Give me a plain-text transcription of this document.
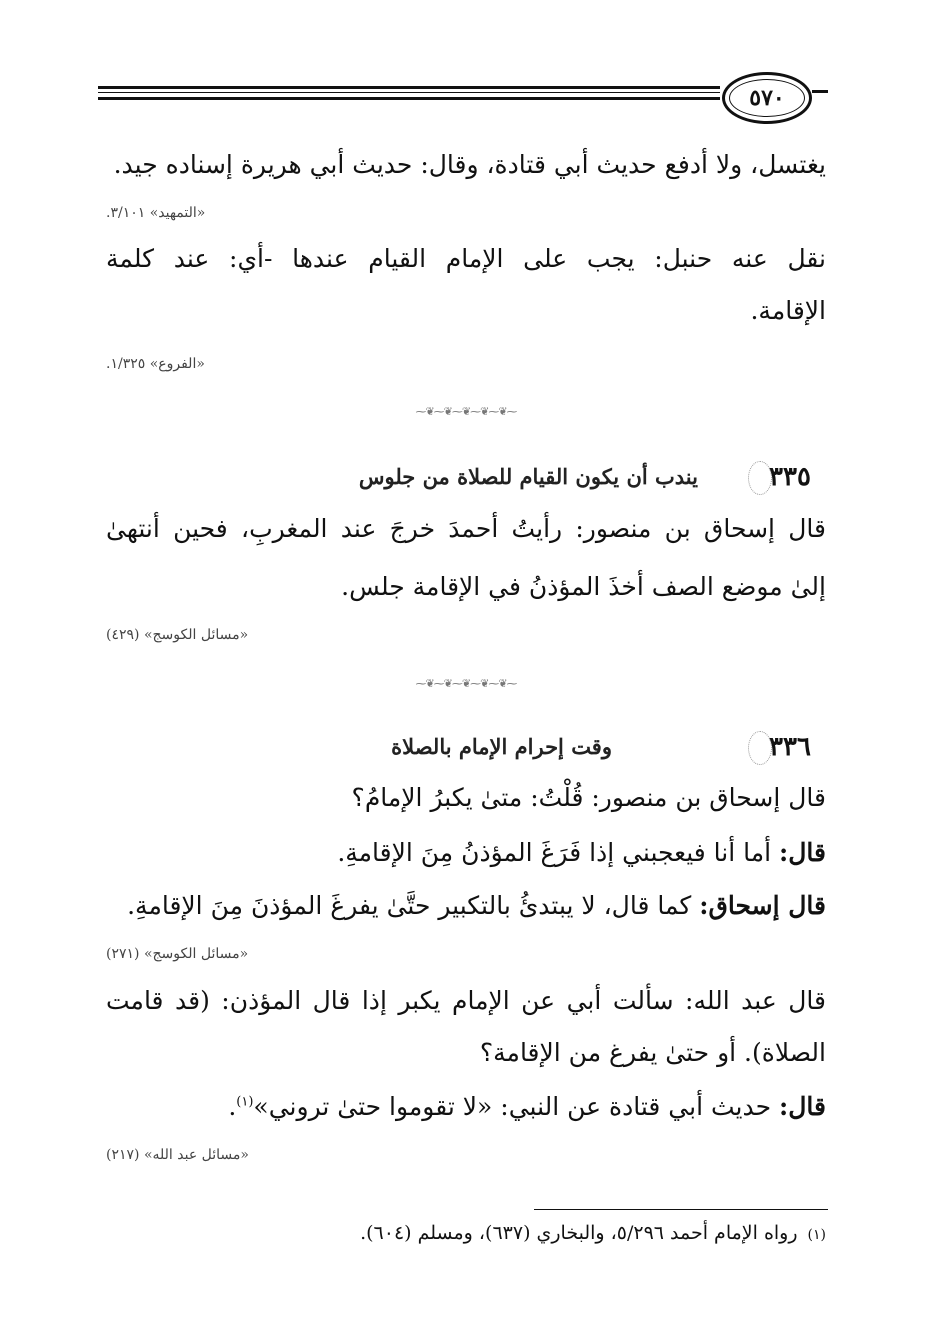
٥٧٠
يغتسل، ولا أدفع حديث أبي قتادة، وقال: حديث أبي هريرة إسناده جيد.
«التمهيد» ٣/١٠١.
نقل عنه حنبل: يجب على الإمام القيام عندها -أي: عند كلمة
الإقامة.
«الفروع» ١/٣٢٥.
⁓❦⁓❦⁓❦⁓❦⁓❦⁓
٣٣٥
يندب أن يكون القيام للصلاة من جلوس
قال إسحاق بن منصور: رأيتُ أحمدَ خرجَ عند المغربِ، فحين أنتهىٰ
إلىٰ موضع الصف أخذَ المؤذنُ في الإقامة جلس.
«مسائل الكوسج» (٤٢٩)
⁓❦⁓❦⁓❦⁓❦⁓❦⁓
٣٣٦
وقت إحرام الإمام بالصلاة
قال إسحاق بن منصور: قُلْتُ: متىٰ يكبرُ الإمامُ؟
قال: أما أنا فيعجبني إذا فَرَغَ المؤذنُ مِنَ الإقامةِ.
قال إسحاق: كما قال، لا يبتدئُ بالتكبير حتَّىٰ يفرغَ المؤذنَ مِنَ الإقامةِ.
«مسائل الكوسج» (٢٧١)
قال عبد الله: سألت أبي عن الإمام يكبر إذا قال المؤذن: (قد قامت
الصلاة). أو حتىٰ يفرغ من الإقامة؟
قال: حديث أبي قتادة عن النبي: «لا تقوموا حتىٰ تروني»$^{(١)}$.
«مسائل عبد الله» (٢١٧)
(١)رواه الإمام أحمد ٥/٢٩٦، والبخاري (٦٣٧)، ومسلم (٦٠٤).
